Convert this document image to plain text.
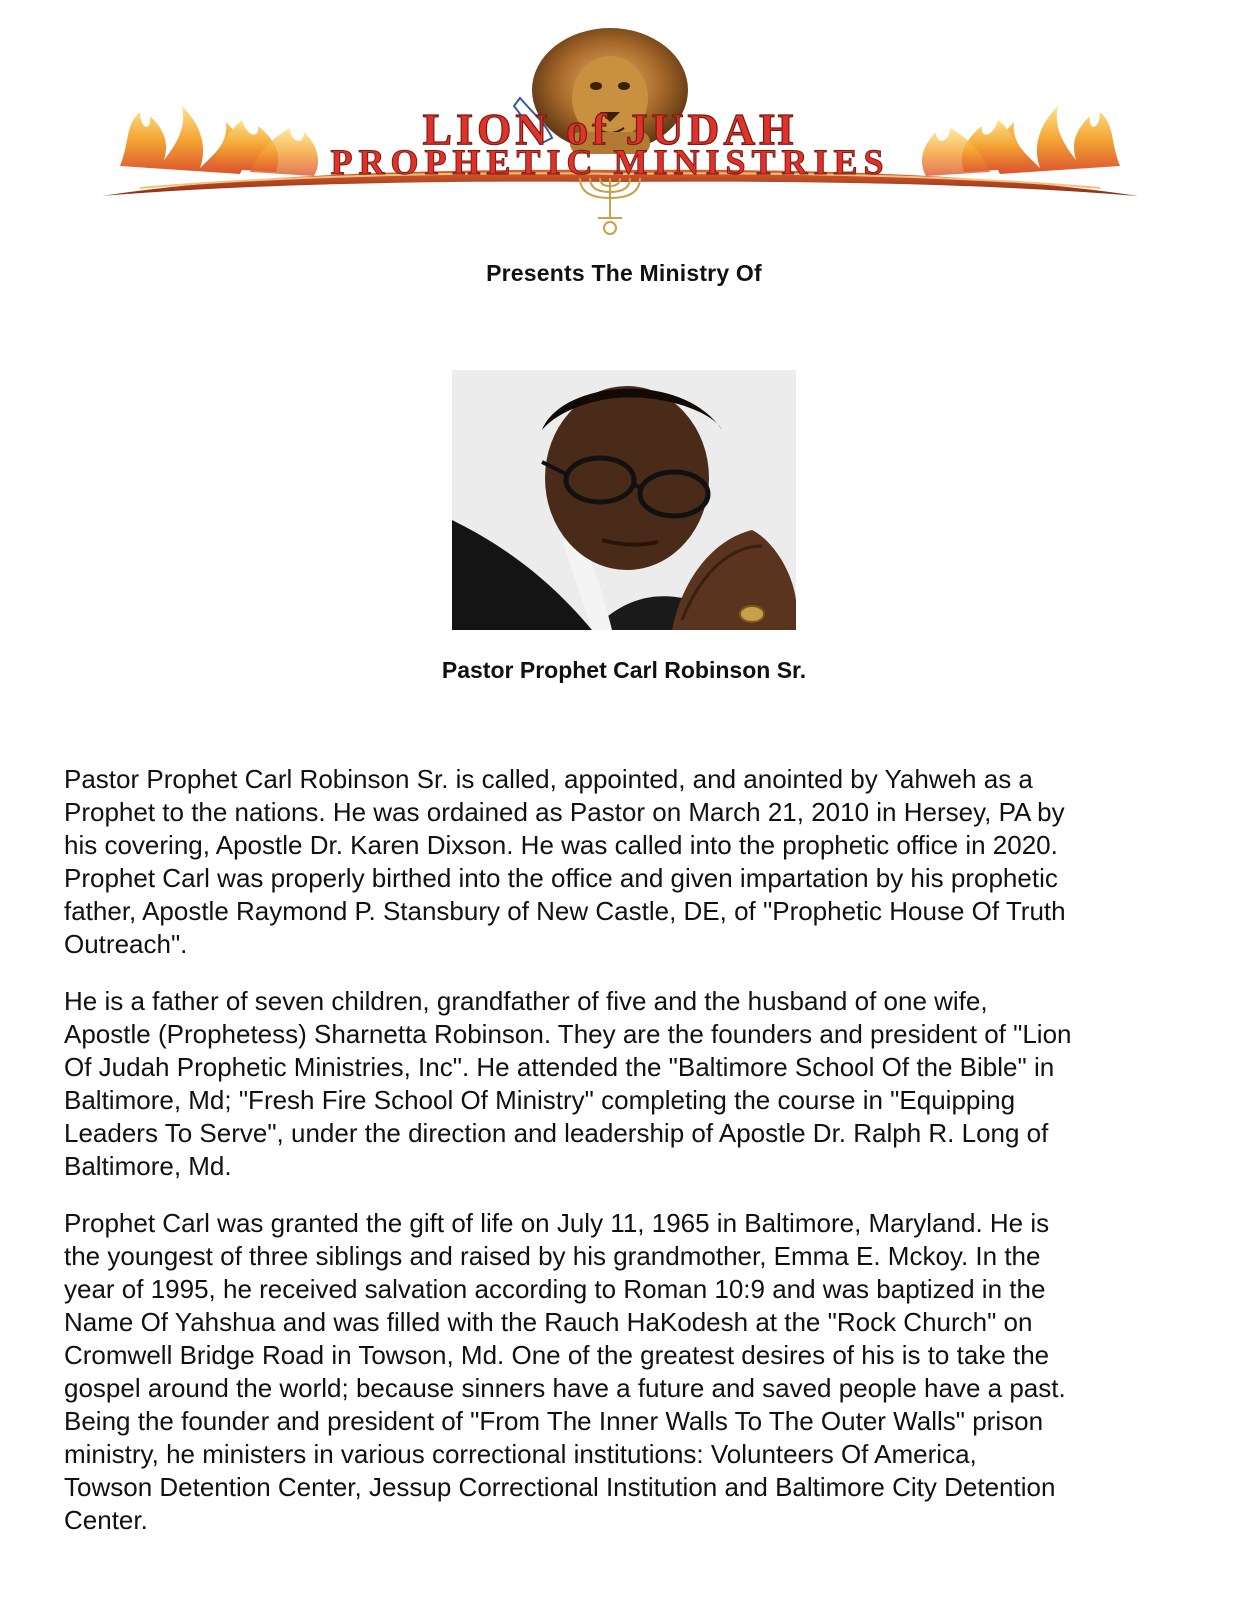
LION of JUDAH
PROPHETIC MINISTRIES
Presents The Ministry Of
Pastor Prophet Carl Robinson Sr.

Pastor Prophet Carl Robinson Sr. is called, appointed, and anointed by Yahweh as a
Prophet to the nations. He was ordained as Pastor on March 21, 2010 in Hersey, PA by
his covering, Apostle Dr. Karen Dixson. He was called into the prophetic office in 2020.
Prophet Carl was properly birthed into the office and given impartation by his prophetic
father, Apostle Raymond P. Stansbury of New Castle, DE, of "Prophetic House Of Truth
Outreach".

He is a father of seven children, grandfather of five and the husband of one wife,
Apostle (Prophetess) Sharnetta Robinson. They are the founders and president of "Lion
Of Judah Prophetic Ministries, Inc". He attended the "Baltimore School Of the Bible" in
Baltimore, Md; "Fresh Fire School Of Ministry" completing the course in "Equipping
Leaders To Serve", under the direction and leadership of Apostle Dr. Ralph R. Long of
Baltimore, Md.

Prophet Carl was granted the gift of life on July 11, 1965 in Baltimore, Maryland. He is
the youngest of three siblings and raised by his grandmother, Emma E. Mckoy. In the
year of 1995, he received salvation according to Roman 10:9 and was baptized in the
Name Of Yahshua and was filled with the Rauch HaKodesh at the "Rock Church" on
Cromwell Bridge Road in Towson, Md. One of the greatest desires of his is to take the
gospel around the world; because sinners have a future and saved people have a past.
Being the founder and president of "From The Inner Walls To The Outer Walls" prison
ministry, he ministers in various correctional institutions: Volunteers Of America,
Towson Detention Center, Jessup Correctional Institution and Baltimore City Detention
Center.
